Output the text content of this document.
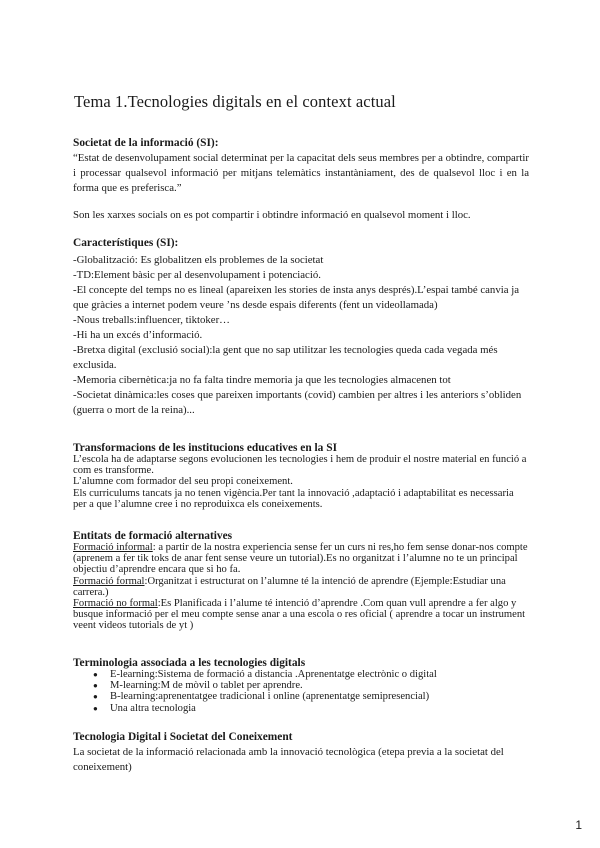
Tema 1.Tecnologies digitals en el context actual

Societat de la informació (SI):

“Estat de desenvolupament social determinat per la capacitat dels seus membres per a obtindre, compartir i processar qualsevol informació per mitjans telemàtics instantàniament, des de qualsevol lloc i en la forma que es preferisca.”

Son les xarxes socials on es pot compartir i obtindre informació en qualsevol moment i lloc.

Característiques (SI):

-Globalització: Es globalitzen els problemes de la societat

-TD:Element bàsic per al desenvolupament i potenciació.

-El concepte del temps no es lineal (apareixen les stories de insta anys després).L’espai també canvia ja que gràcies a internet podem veure ’ns desde espais diferents (fent un videollamada)

-Nous treballs:influencer, tiktoker…

-Hi ha un excés d’informació.

-Bretxa digital (exclusió social):la gent que no sap utilitzar les tecnologies queda cada vegada més exclusida.

-Memoria cibernètica:ja no fa falta tindre memoria ja que les tecnologies almacenen tot

-Societat dinàmica:les coses que pareixen importants (covid) cambien per altres i les anteriors s’obliden (guerra o mort de la reina)...

Transformacions de les institucions educatives en la SI

L’escola ha de adaptarse segons evolucionen les tecnologies i hem de produir el nostre material en funció a com es transforme.

L’alumne com formador del seu propi coneixement.

Els curriculums tancats ja no tenen vigència.Per tant la innovació ,adaptació i adaptabilitat es necessaria per a que l’alumne cree i no reproduixca els coneixements.

Entitats de formació alternatives

Formació informal: a partir de la nostra experiencia sense fer un curs ni res,ho fem sense donar-nos compte (aprenem a fer tik toks de anar fent sense veure un tutorial).Es no organitzat i l’alumne no te un principal objectiu d’aprendre encara que si ho fa.

Formació formal:Organitzat i estructurat on l’alumne té la intenció de aprendre (Ejemple:Estudiar una carrera.)

Formació no formal:Es Planificada i l’alume té intenció d’aprendre .Com quan vull aprendre a fer algo y busque informació per el meu compte sense anar a una escola o res oficial ( aprendre a tocar un instrument veent videos tutorials de yt )

Terminologia associada a les tecnologies digitals

● E-learning:Sistema de formació a distancia .Aprenentatge electrònic o digital
● M-learning:M de mòvil o tablet per aprendre.
● B-learning:aprenentatgee tradicional i online (aprenentatge semipresencial)
● Una altra tecnologia

Tecnologia Digital i Societat del Coneixement

La societat de la informació relacionada amb la innovació tecnològica (etepa previa a la societat del coneixement)

1
